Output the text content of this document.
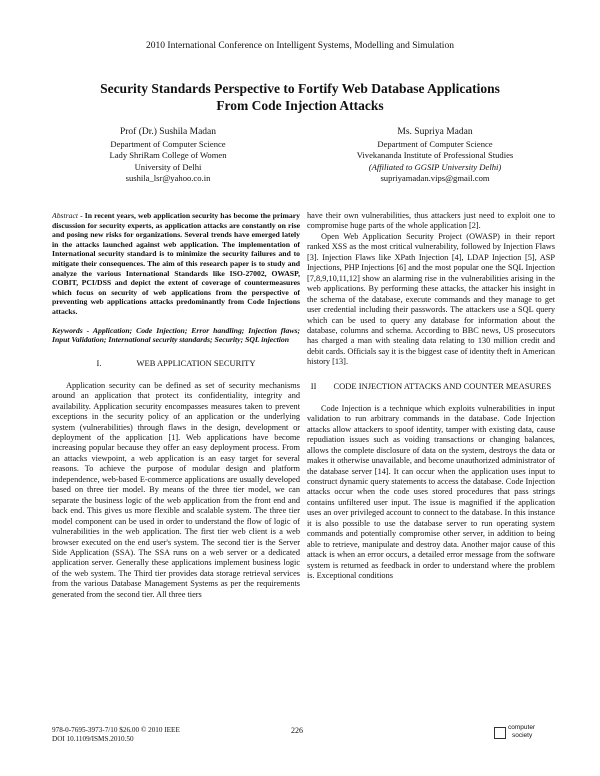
2010 International Conference on Intelligent Systems, Modelling and Simulation
Security Standards Perspective to Fortify Web Database Applications
From Code Injection Attacks
Prof (Dr.) Sushila Madan
Department of Computer Science
Lady ShriRam College of Women
University of Delhi
sushila_lsr@yahoo.co.in
Ms. Supriya Madan
Department of Computer Science
Vivekananda Institute of Professional Studies
(Affiliated to GGSIP University Delhi)
supriyamadan.vips@gmail.com

Abstract - In recent years, web application security has become the primary discussion for security experts, as application attacks are constantly on rise and posing new risks for organizations. Several trends have emerged lately in the attacks launched against web application. The implementation of International security standard is to minimize the security failures and to mitigate their consequences. The aim of this research paper is to study and analyze the various International Standards like ISO-27002, OWASP, COBIT, PCI/DSS and depict the extent of coverage of countermeasures which focus on security of web applications from the perspective of preventing web applications attacks predominantly from Code Injections attacks.

Keywords - Application; Code Injection; Error handling; Injection flaws; Input Validation; International security standards; Security; SQL injection

I.	WEB APPLICATION SECURITY

Application security can be defined as set of security mechanisms around an application that protect its confidentiality, integrity and availability. Application security encompasses measures taken to prevent exceptions in the security policy of an application or the underlying system (vulnerabilities) through flaws in the design, development or deployment of the application [1]. Web applications have become increasing popular because they offer an easy deployment process. From an attacks viewpoint, a web application is an easy target for several reasons. To achieve the purpose of modular design and platform independence, web-based E-commerce applications are usually developed based on three tier model. By means of the three tier model, we can separate the business logic of the web application from the front end and back end. This gives us more flexible and scalable system. The three tier model component can be used in order to understand the flow of logic of vulnerabilities in the web application. The first tier web client is a web browser executed on the end user's system. The second tier is the Server Side Application (SSA). The SSA runs on a web server or a dedicated application server. Generally these applications implement business logic of the web system. The Third tier provides data storage retrieval services from the various Database Management Systems as per the requirements generated from the second tier. All three tiers

have their own vulnerabilities, thus attackers just need to exploit one to compromise huge parts of the whole application [2].

Open Web Application Security Project (OWASP) in their report ranked XSS as the most critical vulnerability, followed by Injection Flaws [3]. Injection Flaws like XPath Injection [4], LDAP Injection [5], ASP Injections, PHP Injections [6] and the most popular one the SQL Injection [7,8,9,10,11,12] show an alarming rise in the vulnerabilities arising in the web applications. By performing these attacks, the attacker his insight in the schema of the database, execute commands and they manage to get user credential including their passwords. The attackers use a SQL query which can be used to query any database for information about the database, columns and schema. According to BBC news, US prosecutors has charged a man with stealing data relating to 130 million credit and debit cards. Officials say it is the biggest case of identity theft in American history [13].

II CODE INJECTION ATTACKS AND COUNTER MEASURES

Code Injection is a technique which exploits vulnerabilities in input validation to run arbitrary commands in the database. Code Injection attacks allow attackers to spoof identity, tamper with existing data, cause repudiation issues such as voiding transactions or changing balances, allows the complete disclosure of data on the system, destroys the data or makes it otherwise unavailable, and become unauthorized administrator of the database server [14]. It can occur when the application uses input to construct dynamic query statements to access the database. Code Injection attacks occur when the code uses stored procedures that pass strings contains unfiltered user input. The issue is magnified if the application uses an over privileged account to connect to the database. In this instance it is also possible to use the database server to run operating system commands and potentially compromise other server, in addition to being able to retrieve, manipulate and destroy data. Another major cause of this attack is when an error occurs, a detailed error message from the software system is returned as feedback in order to understand where the problem is. Exceptional conditions

978-0-7695-3973-7/10 $26.00 © 2010 IEEE
DOI 10.1109/ISMS.2010.50
226	computer
society
